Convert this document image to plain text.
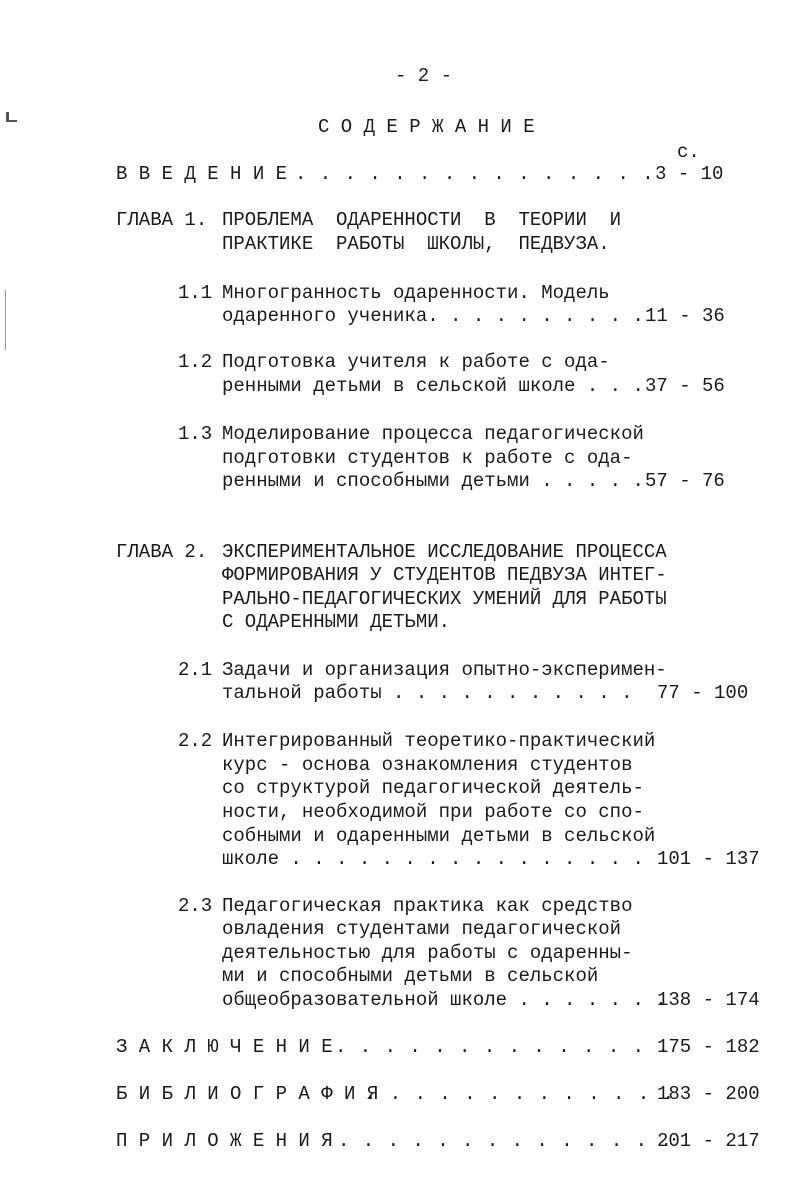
- 2 -
С О Д Е Р Ж А Н И Е
с.
В В Е Д Е Н И Е . . . . . . . . . . . . . . . 3 - 10
ГЛАВА 1. ПРОБЛЕМА  ОДАРЕННОСТИ  В  ТЕОРИИ  И
ПРАКТИКЕ  РАБОТЫ  ШКОЛЫ,  ПЕДВУЗА.
1.1 Многогранность одаренности. Модель
одаренного ученика. . . . . . . . . . 11 - 36
1.2 Подготовка учителя к работе с ода-
ренными детьми в сельской школе . . . 37 - 56
1.3 Моделирование процесса педагогической
подготовки студентов к работе с ода-
ренными и способными детьми . . . . . 57 - 76
ГЛАВА 2. ЭКСПЕРИМЕНТАЛЬНОЕ ИССЛЕДОВАНИЕ ПРОЦЕССА
ФОРМИРОВАНИЯ У СТУДЕНТОВ ПЕДВУЗА ИНТЕГ-
РАЛЬНО-ПЕДАГОГИЧЕСКИХ УМЕНИЙ ДЛЯ РАБОТЫ
С ОДАРЕННЫМИ ДЕТЬМИ.
2.1 Задачи и организация опытно-эксперимен-
тальной работы . . . . . . . . . . . 77 - 100
2.2 Интегрированный теоретико-практический
курс - основа ознакомления студентов
со структурой педагогической деятель-
ности, необходимой при работе со спо-
собными и одаренными детьми в сельской
школе . . . . . . . . . . . . . . . . 101 - 137
2.3 Педагогическая практика как средство
овладения студентами педагогической
деятельностью для работы с одаренны-
ми и способными детьми в сельской
общеобразовательной школе . . . . . . .
138 - 174
З А К Л Ю Ч Е Н И Е . . . . . . . . . . . . . .
175 - 182
Б И Б Л И О Г Р А Ф И Я
. . . . . . . . . . . . .
183 - 200
П Р И Л О Ж Е Н И Я . . . . . . . . . . . . . .
201 - 217
